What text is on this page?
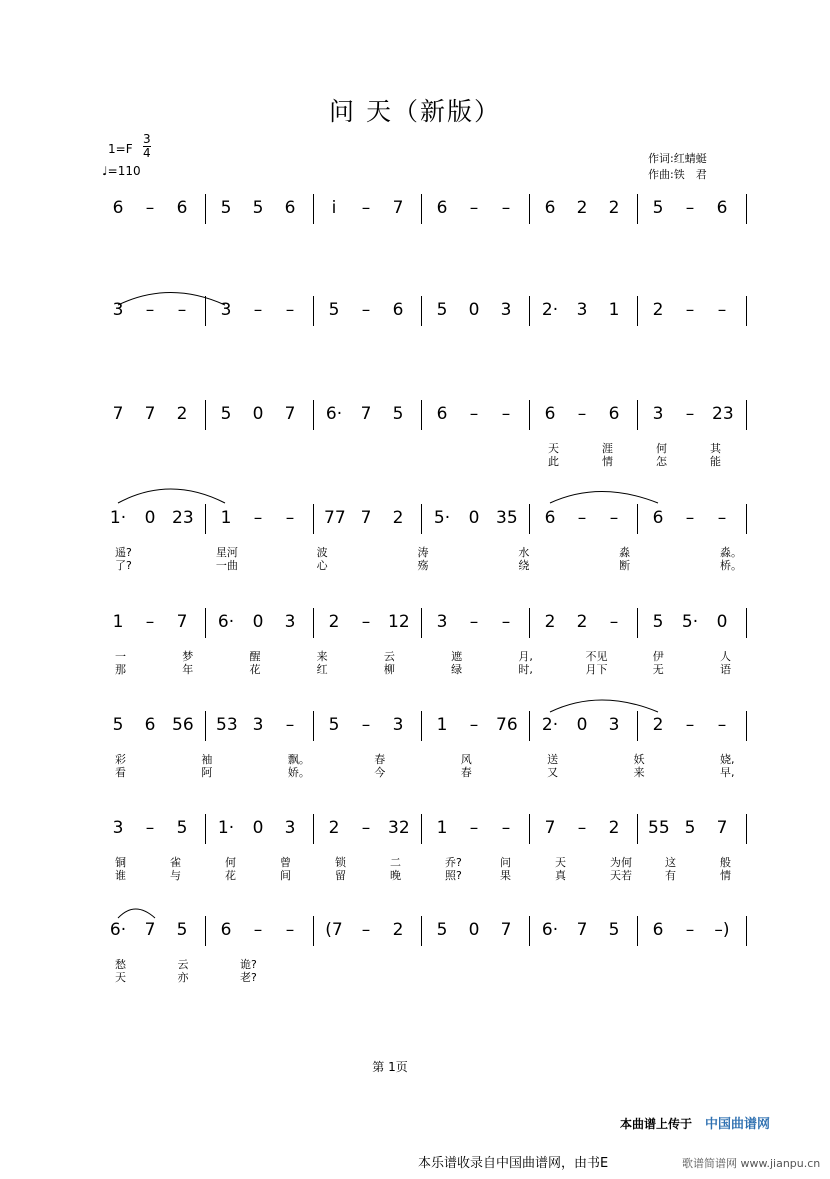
问 天（新版）
$1=F \frac{3}{4}$
♩=110
作词:红蜻蜓
作曲:铁　君
6	–	6 5 5 6	i	–	7 6	–	–	6 2 2 5	–	6
3	–	–	3	–	–	5	–	6 5 0 3 2· 3 1 2	–	–
7 7 2 5 0 7 6· 7 5 6	–	–	6	–	6 3	–	23
天	涯	何	其
此	情	怎	能
1· 0 23 1	–	–	77 7 2 5· 0 35 6	–	–	6	–	–
遥?	星河	波	涛	水	淼	淼。
了?	一曲	心	殇	绕	断	桥。
1	–	7 6· 0 3 2	–	12 3	–	–	2 2	–	5 5· 0
一	梦	醒	来	云	遮	月,	不见	伊	人
那	年	花	红	柳	绿	时,	月下	无	语
5 6 56 53 3	–	5	–	3 1	–	76 2· 0 3 2	–	–
彩	袖	飘。	春	风	送	妖	娆,
看	阿	娇。	今	春	又	来	早,
3	–	5 1· 0 3 2	–	32 1	–	–	7	–	2 55 5 7
铜	雀	何	曾	锁	二	乔?	问	天	为何	这	般
谁	与	花	间	留	晚	照?	果	真	天若	有	情
6· 7 5 6	–	–	(7	–	2 5 0 7 6· 7 5 6	–	–)
愁	云	诡?
天	亦	老?
第 1页
本曲谱上传于 中国曲谱网
本乐谱收录自中国曲谱网，由书E	歌谱简谱网 www.jianpu.cn
